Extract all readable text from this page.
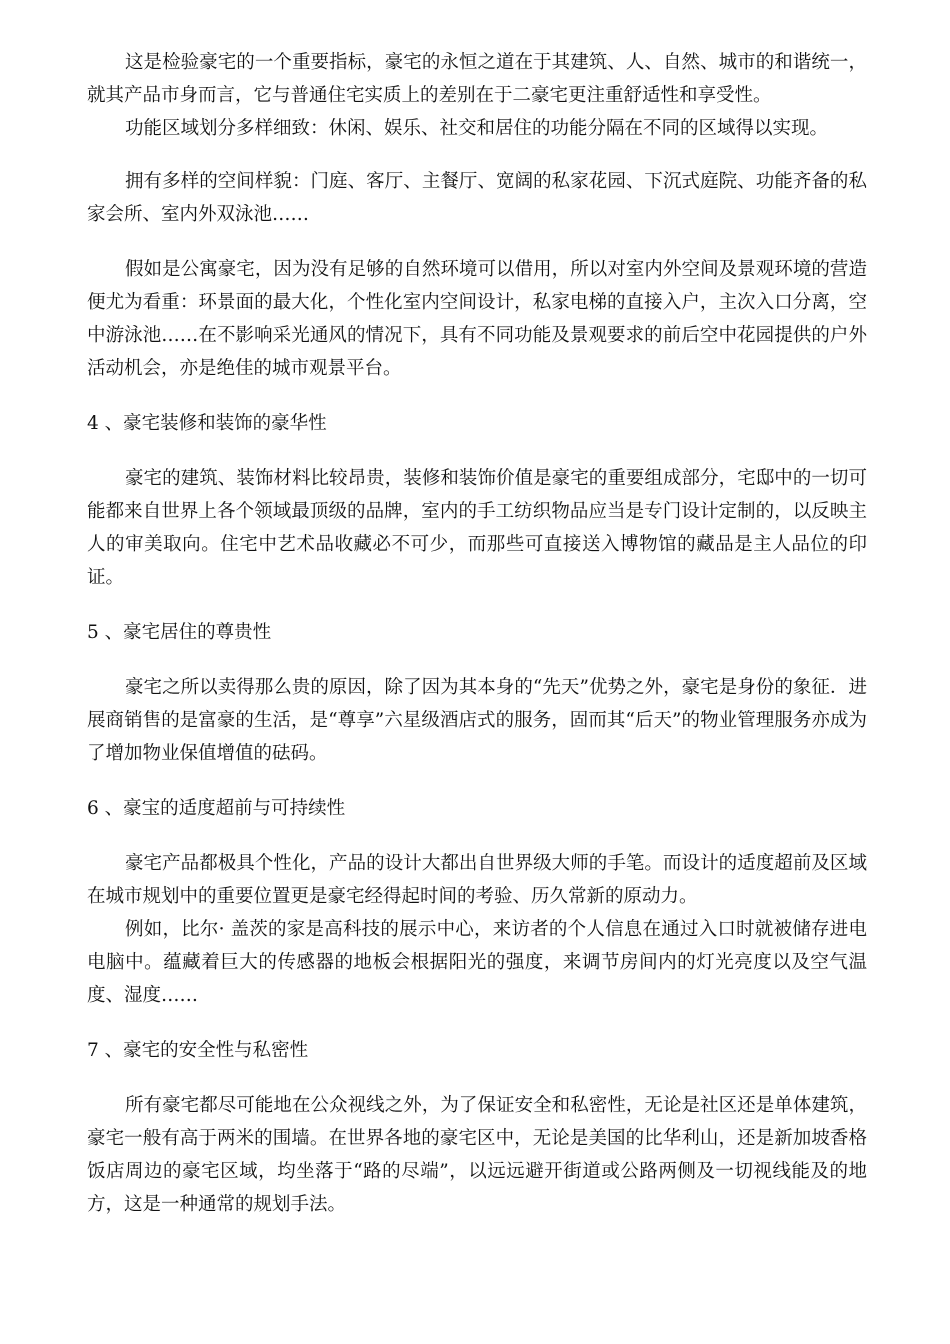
这是检验豪宅的一个重要指标，豪宅的永恒之道在于其建筑、人、自然、城市的和谐统一，就其产品市身而言，它与普通住宅实质上的差别在于二豪宅更注重舒适性和享受性。

功能区域划分多样细致：休闲、娱乐、社交和居住的功能分隔在不同的区域得以实现。

拥有多样的空间样貌：门庭、客厅、主餐厅、宽阔的私家花园、下沉式庭院、功能齐备的私家会所、室内外双泳池……

假如是公寓豪宅，因为没有足够的自然环境可以借用，所以对室内外空间及景观环境的营造便尤为看重：环景面的最大化，个性化室内空间设计，私家电梯的直接入户，主次入口分离，空中游泳池……在不影响采光通风的情况下，具有不同功能及景观要求的前后空中花园提供的户外活动机会，亦是绝佳的城市观景平台。

4 、豪宅装修和装饰的豪华性

豪宅的建筑、装饰材料比较昂贵，装修和装饰价值是豪宅的重要组成部分，宅邸中的一切可能都来自世界上各个领域最顶级的品牌，室内的手工纺织物品应当是专门设计定制的，以反映主人的审美取向。住宅中艺术品收藏必不可少，而那些可直接送入博物馆的藏品是主人品位的印证。

5 、豪宅居住的尊贵性

豪宅之所以卖得那么贵的原因，除了因为其本身的“先天”优势之外，豪宅是身份的象征．进展商销售的是富豪的生活，是“尊享”六星级酒店式的服务，固而其“后天”的物业管理服务亦成为了增加物业保值增值的砝码。

6 、豪宝的适度超前与可持续性

豪宅产品都极具个性化，产品的设计大都出自世界级大师的手笔。而设计的适度超前及区域在城市规划中的重要位置更是豪宅经得起时间的考验、历久常新的原动力。

例如，比尔· 盖茨的家是高科技的展示中心，来访者的个人信息在通过入口时就被储存进电电脑中。蕴藏着巨大的传感器的地板会根据阳光的强度，来调节房间内的灯光亮度以及空气温度、湿度……

7 、豪宅的安全性与私密性

所有豪宅都尽可能地在公众视线之外，为了保证安全和私密性，无论是社区还是单体建筑，豪宅一般有高于两米的围墙。在世界各地的豪宅区中，无论是美国的比华利山，还是新加坡香格饭店周边的豪宅区域，均坐落于“路的尽端”，以远远避开街道或公路两侧及一切视线能及的地方，这是一种通常的规划手法。
